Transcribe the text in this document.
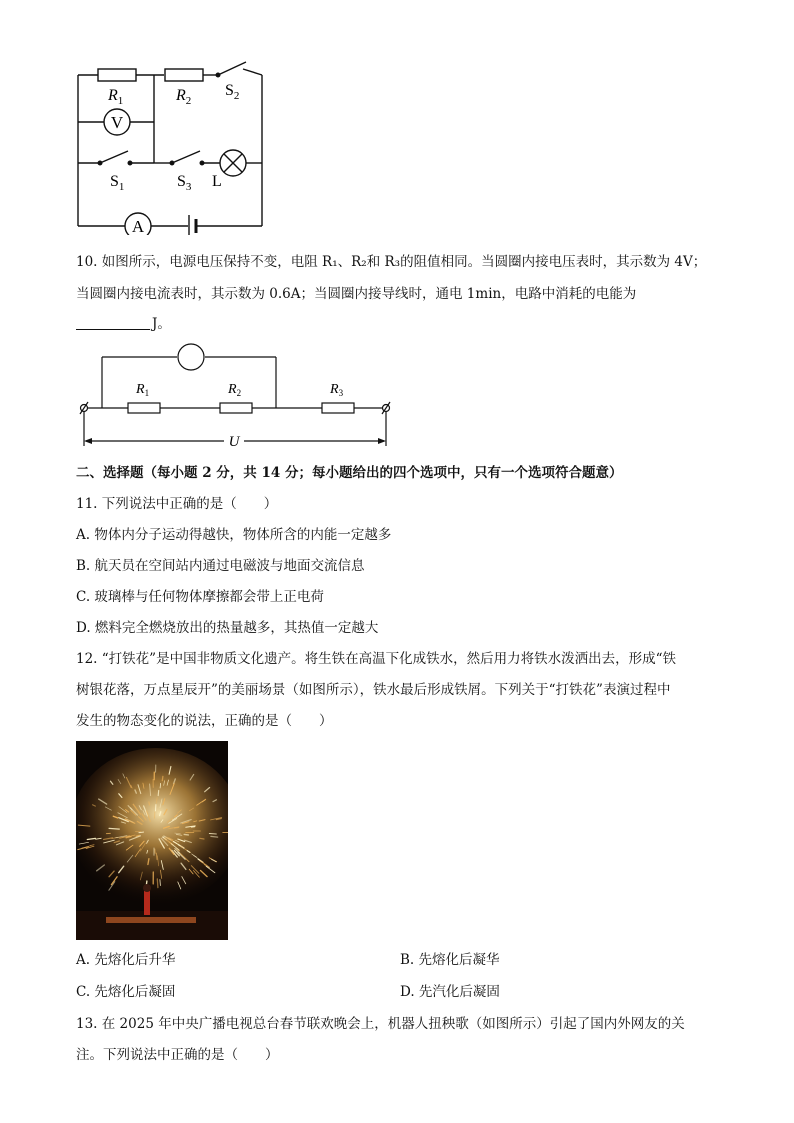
V
A
$R_1$	$R_2$
$S_2$
$S_1$	$S_3$ L
10. 如图所示，电源电压保持不变，电阻 R₁、R₂和 R₃的阻值相同。当圆圈内接电压表时，其示数为 4V；
当圆圈内接电流表时，其示数为 0.6A；当圆圈内接导线时，通电 1min，电路中消耗的电能为
J。
$R_1$	$R_2$	$R_3$
U
二、选择题（每小题 2 分，共 14 分；每小题给出的四个选项中，只有一个选项符合题意）
11. 下列说法中正确的是（　　）
A. 物体内分子运动得越快，物体所含的内能一定越多
B. 航天员在空间站内通过电磁波与地面交流信息
C. 玻璃棒与任何物体摩擦都会带上正电荷
D. 燃料完全燃烧放出的热量越多，其热值一定越大
12. “打铁花”是中国非物质文化遗产。将生铁在高温下化成铁水，然后用力将铁水泼洒出去，形成“铁
树银花落，万点星辰开”的美丽场景（如图所示），铁水最后形成铁屑。下列关于“打铁花”表演过程中
发生的物态变化的说法，正确的是（　　）
A. 先熔化后升华	B. 先熔化后凝华
C. 先熔化后凝固	D. 先汽化后凝固
13. 在 2025 年中央广播电视总台春节联欢晚会上，机器人扭秧歌（如图所示）引起了国内外网友的关
注。下列说法中正确的是（　　）
